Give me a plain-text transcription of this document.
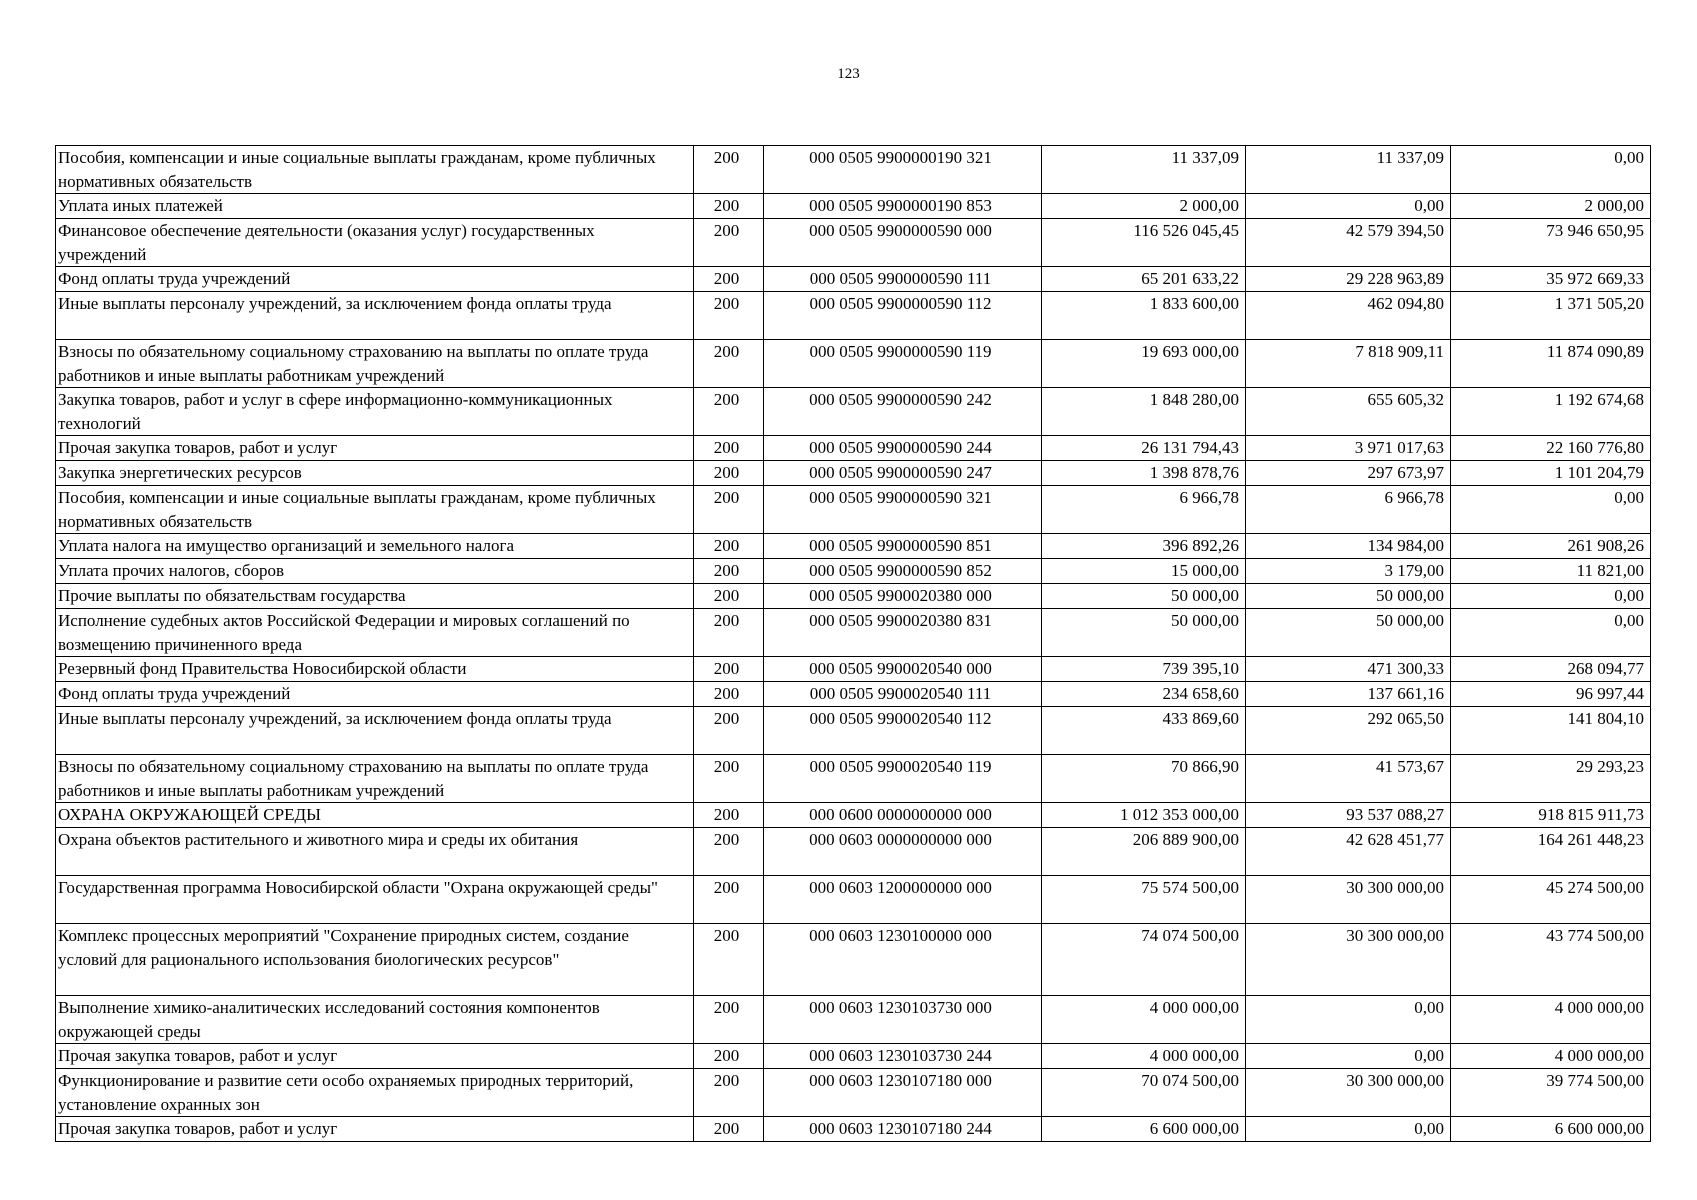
123
Пособия, компенсации и иные социальные выплаты гражданам, кроме публичных нормативных обязательств	200	000 0505 9900000190 321	11 337,09	11 337,09	0,00
Уплата иных платежей	200	000 0505 9900000190 853	2 000,00	0,00	2 000,00
Финансовое обеспечение деятельности (оказания услуг) государственных учреждений	200	000 0505 9900000590 000	116 526 045,45	42 579 394,50	73 946 650,95
Фонд оплаты труда учреждений	200	000 0505 9900000590 111	65 201 633,22	29 228 963,89	35 972 669,33
Иные выплаты персоналу учреждений, за исключением фонда оплаты труда	200	000 0505 9900000590 112	1 833 600,00	462 094,80	1 371 505,20
Взносы по обязательному социальному страхованию на выплаты по оплате труда работников и иные выплаты работникам учреждений	200	000 0505 9900000590 119	19 693 000,00	7 818 909,11	11 874 090,89
Закупка товаров, работ и услуг в сфере информационно-коммуникационных технологий	200	000 0505 9900000590 242	1 848 280,00	655 605,32	1 192 674,68
Прочая закупка товаров, работ и услуг	200	000 0505 9900000590 244	26 131 794,43	3 971 017,63	22 160 776,80
Закупка энергетических ресурсов	200	000 0505 9900000590 247	1 398 878,76	297 673,97	1 101 204,79
Пособия, компенсации и иные социальные выплаты гражданам, кроме публичных нормативных обязательств	200	000 0505 9900000590 321	6 966,78	6 966,78	0,00
Уплата налога на имущество организаций и земельного налога	200	000 0505 9900000590 851	396 892,26	134 984,00	261 908,26
Уплата прочих налогов, сборов	200	000 0505 9900000590 852	15 000,00	3 179,00	11 821,00
Прочие выплаты по обязательствам государства	200	000 0505 9900020380 000	50 000,00	50 000,00	0,00
Исполнение судебных актов Российской Федерации и мировых соглашений по возмещению причиненного вреда	200	000 0505 9900020380 831	50 000,00	50 000,00	0,00
Резервный фонд Правительства Новосибирской области	200	000 0505 9900020540 000	739 395,10	471 300,33	268 094,77
Фонд оплаты труда учреждений	200	000 0505 9900020540 111	234 658,60	137 661,16	96 997,44
Иные выплаты персоналу учреждений, за исключением фонда оплаты труда	200	000 0505 9900020540 112	433 869,60	292 065,50	141 804,10
Взносы по обязательному социальному страхованию на выплаты по оплате труда работников и иные выплаты работникам учреждений	200	000 0505 9900020540 119	70 866,90	41 573,67	29 293,23
ОХРАНА ОКРУЖАЮЩЕЙ СРЕДЫ	200	000 0600 0000000000 000	1 012 353 000,00	93 537 088,27	918 815 911,73
Охрана объектов растительного и животного мира и среды их обитания	200	000 0603 0000000000 000	206 889 900,00	42 628 451,77	164 261 448,23
Государственная программа Новосибирской области "Охрана окружающей среды"	200	000 0603 1200000000 000	75 574 500,00	30 300 000,00	45 274 500,00
Комплекс процессных мероприятий "Сохранение природных систем, создание условий для рационального использования биологических ресурсов"	200	000 0603 1230100000 000	74 074 500,00	30 300 000,00	43 774 500,00
Выполнение химико-аналитических исследований состояния компонентов окружающей среды	200	000 0603 1230103730 000	4 000 000,00	0,00	4 000 000,00
Прочая закупка товаров, работ и услуг	200	000 0603 1230103730 244	4 000 000,00	0,00	4 000 000,00
Функционирование и развитие сети особо охраняемых природных территорий, установление охранных зон	200	000 0603 1230107180 000	70 074 500,00	30 300 000,00	39 774 500,00
Прочая закупка товаров, работ и услуг	200	000 0603 1230107180 244	6 600 000,00	0,00	6 600 000,00
